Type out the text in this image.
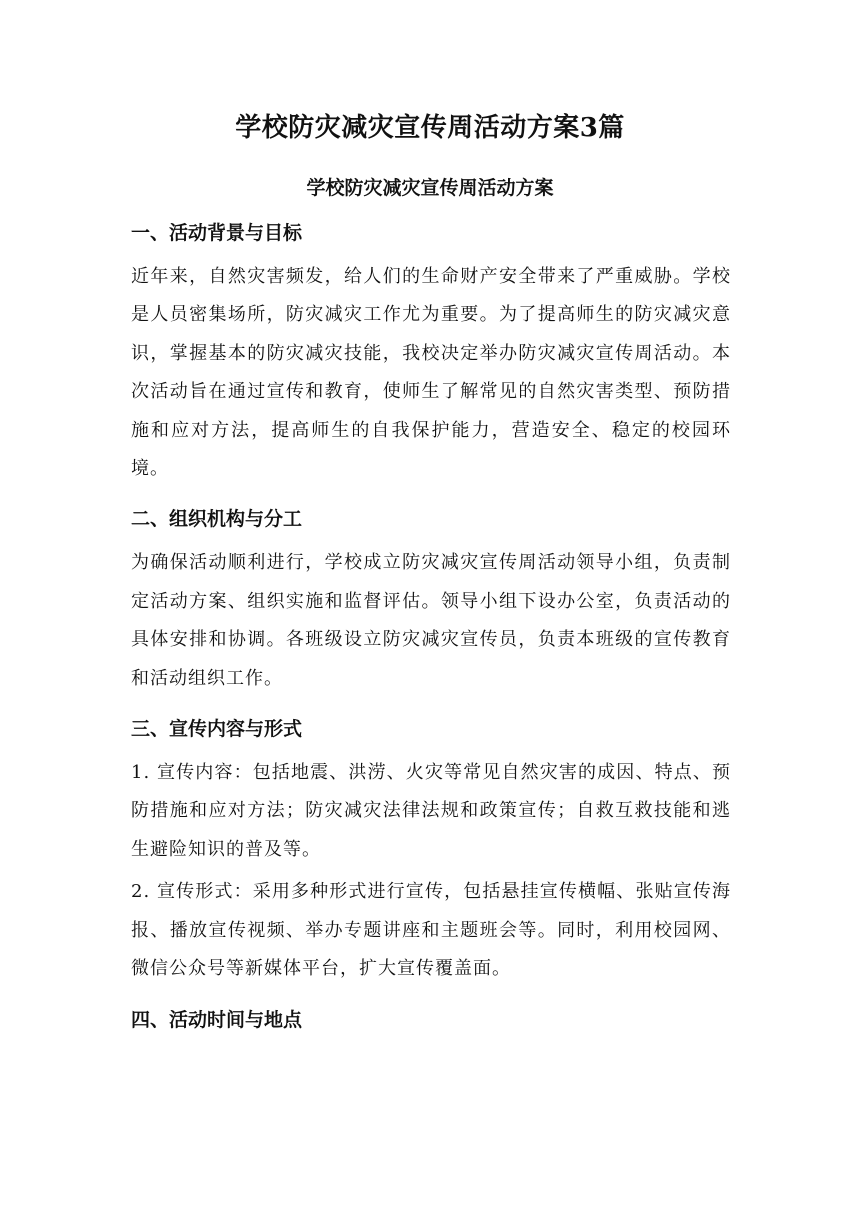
学校防灾减灾宣传周活动方案3篇
学校防灾减灾宣传周活动方案
一、活动背景与目标

近年来，自然灾害频发，给人们的生命财产安全带来了严重威胁。学校是人员密集场所，防灾减灾工作尤为重要。为了提高师生的防灾减灾意识，掌握基本的防灾减灾技能，我校决定举办防灾减灾宣传周活动。本次活动旨在通过宣传和教育，使师生了解常见的自然灾害类型、预防措施和应对方法，提高师生的自我保护能力，营造安全、稳定的校园环境。

二、组织机构与分工

为确保活动顺利进行，学校成立防灾减灾宣传周活动领导小组，负责制定活动方案、组织实施和监督评估。领导小组下设办公室，负责活动的具体安排和协调。各班级设立防灾减灾宣传员，负责本班级的宣传教育和活动组织工作。

三、宣传内容与形式

1. 宣传内容：包括地震、洪涝、火灾等常见自然灾害的成因、特点、预防措施和应对方法；防灾减灾法律法规和政策宣传；自救互救技能和逃生避险知识的普及等。

2. 宣传形式：采用多种形式进行宣传，包括悬挂宣传横幅、张贴宣传海报、播放宣传视频、举办专题讲座和主题班会等。同时，利用校园网、微信公众号等新媒体平台，扩大宣传覆盖面。

四、活动时间与地点
